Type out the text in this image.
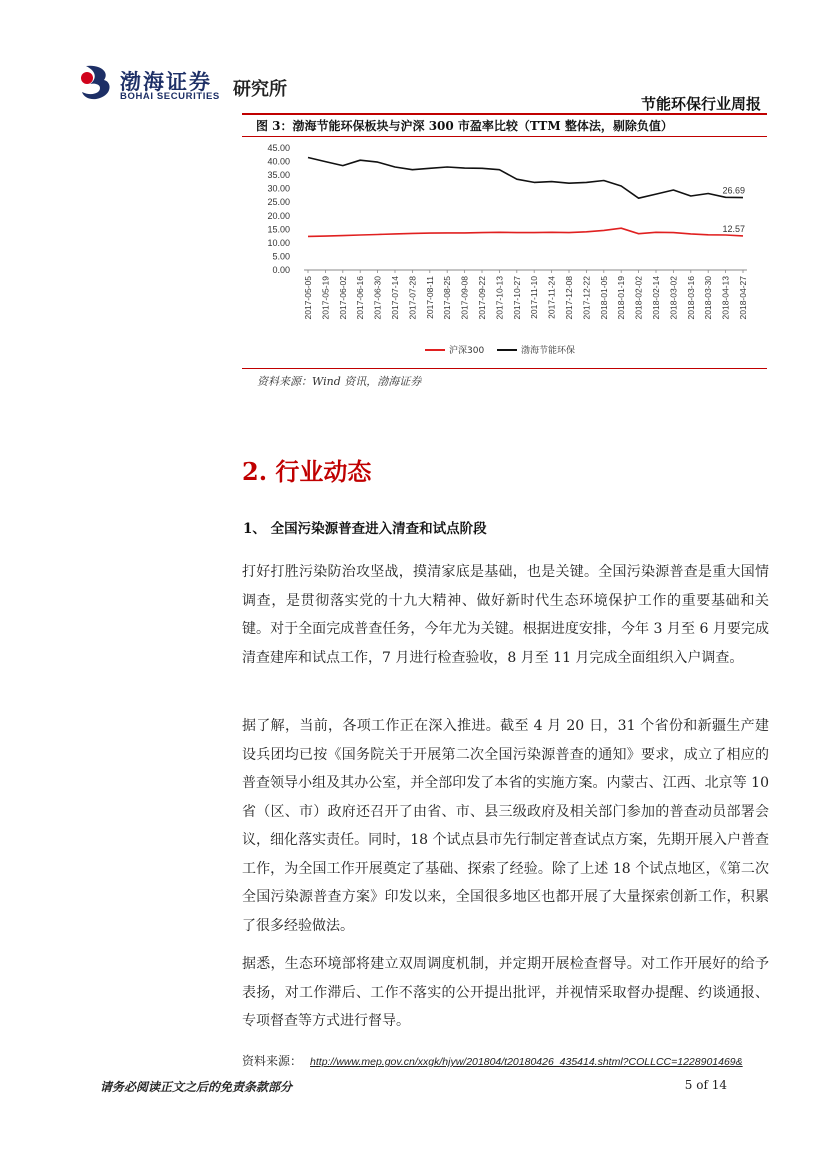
渤海证券
BOHAI SECURITIES 研究所
节能环保行业周报
图 3：渤海节能环保板块与沪深 300 市盈率比较（TTM 整体法，剔除负值）
0.00
5.00
10.00
15.00
20.00
25.00
30.00
35.00
40.00
45.00
2017-05-05 2017-05-19 2017-06-02 2017-06-16 2017-06-30 2017-07-14 2017-07-28 2017-08-11 2017-08-25 2017-09-08 2017-09-22 2017-10-13 2017-10-27 2017-11-10 2017-11-24 2017-12-08 2017-12-22 2018-01-05 2018-01-19 2018-02-02 2018-02-14 2018-03-02 2018-03-16 2018-03-30 2018-04-13 2018-04-27
12.57
26.69
沪深300	渤海节能环保
资料来源：Wind 资讯，渤海证券
2. 行业动态
1、 全国污染源普查进入清查和试点阶段

打好打胜污染防治攻坚战，摸清家底是基础，也是关键。全国污染源普查是重大国情调查，是贯彻落实党的十九大精神、做好新时代生态环境保护工作的重要基础和关键。对于全面完成普查任务，今年尤为关键。根据进度安排，今年 3 月至 6 月要完成清查建库和试点工作，7 月进行检查验收，8 月至 11 月完成全面组织入户调查。

据了解，当前，各项工作正在深入推进。截至 4 月 20 日，31 个省份和新疆生产建设兵团均已按《国务院关于开展第二次全国污染源普查的通知》要求，成立了相应的普查领导小组及其办公室，并全部印发了本省的实施方案。内蒙古、江西、北京等 10 省（区、市）政府还召开了由省、市、县三级政府及相关部门参加的普查动员部署会议，细化落实责任。同时，18 个试点县市先行制定普查试点方案，先期开展入户普查工作，为全国工作开展奠定了基础、探索了经验。除了上述 18 个试点地区，《第二次全国污染源普查方案》印发以来，全国很多地区也都开展了大量探索创新工作，积累了很多经验做法。

据悉，生态环境部将建立双周调度机制，并定期开展检查督导。对工作开展好的给予表扬，对工作滞后、工作不落实的公开提出批评，并视情采取督办提醒、约谈通报、专项督查等方式进行督导。

资料来源： http://www.mep.gov.cn/xxgk/hjyw/201804/t20180426_435414.shtml?COLLCC=1228901469&
请务必阅读正文之后的免责条款部分	5 of 14
